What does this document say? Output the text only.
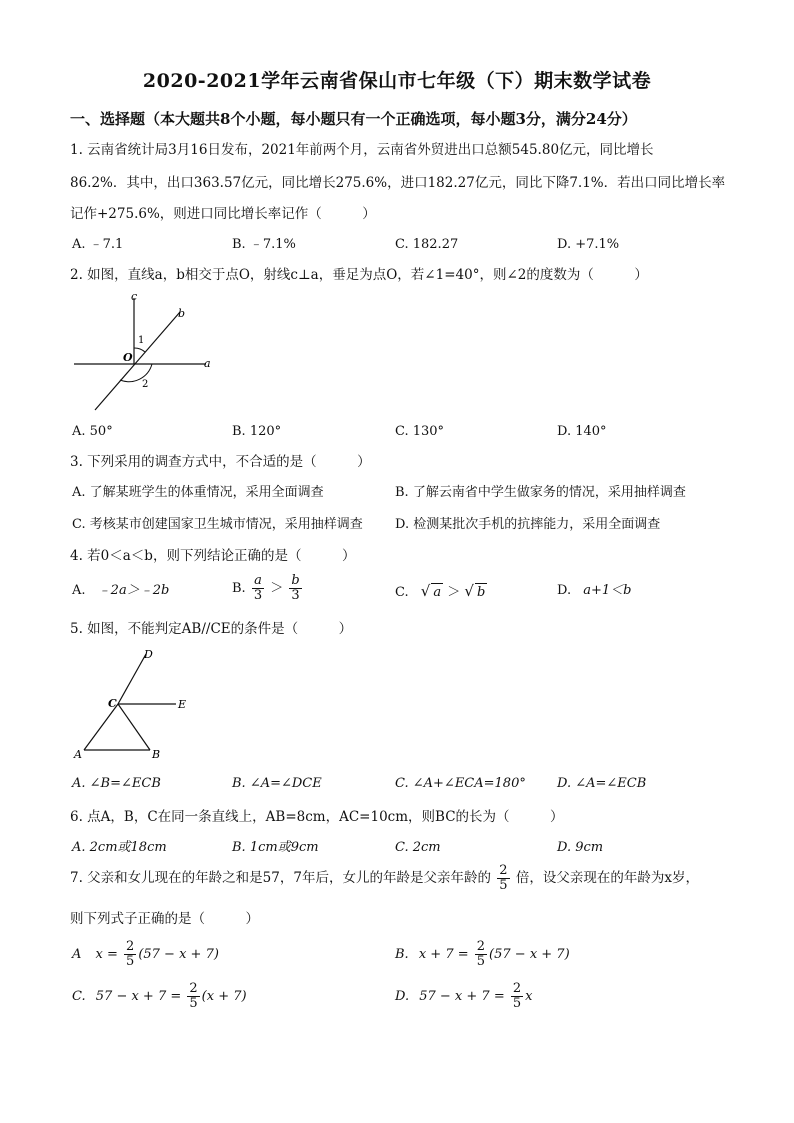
2020-2021学年云南省保山市七年级（下）期末数学试卷
一、选择题（本大题共8个小题，每小题只有一个正确选项，每小题3分，满分24分）
1. 云南省统计局3月16日发布，2021年前两个月，云南省外贸进出口总额545.80亿元，同比增长
86.2%．其中，出口363.57亿元，同比增长275.6%，进口182.27亿元，同比下降7.1%．若出口同比增长率
记作+275.6%，则进口同比增长率记作（　　　）
A. ﹣7.1	B. ﹣7.1%	C. 182.27	D. +7.1%
2. 如图，直线a，b相交于点O，射线c⊥a，垂足为点O，若∠1=40°，则∠2的度数为（　　　）
c
b
a
O
1
2
A. 50°	B. 120°	C. 130°	D. 140°
3. 下列采用的调查方式中，不合适的是（　　　）
A. 了解某班学生的体重情况，采用全面调查	B. 了解云南省中学生做家务的情况，采用抽样调查
C. 考核某市创建国家卫生城市情况，采用抽样调查 D. 检测某批次手机的抗摔能力，采用全面调查
4. 若0＜a＜b，则下列结论正确的是（　　　）
A. ﹣2a＞﹣2b	B. $\frac{a}{3} > \frac{b}{3}$	C. √ a ＞ √ b	D. a+1＜b
5. 如图，不能判定AB//CE的条件是（　　　）
D
C	E
A	B
A. ∠B=∠ECB	B. ∠A=∠DCE	C. ∠A+∠ECA=180° D. ∠A=∠ECB
6. 点A，B，C在同一条直线上，AB=8cm，AC=10cm，则BC的长为（　　　）
A. 2cm或18cm	B. 1cm或9cm	C. 2cm	D. 9cm
7. 父亲和女儿现在的年龄之和是57，7年后，女儿的年龄是父亲年龄的 $\frac{2}{5}$ 倍，设父亲现在的年龄为x岁，
则下列式子正确的是（　　　）
A $x = \frac{2}{5} (57 - x + 7)$	B. $x + 7 = \frac{2}{5} (57 - x + 7)$
C. $57 - x + 7 = \frac{2}{5} (x + 7)$	D. $57 - x + 7 = \frac{2}{5}$ x
